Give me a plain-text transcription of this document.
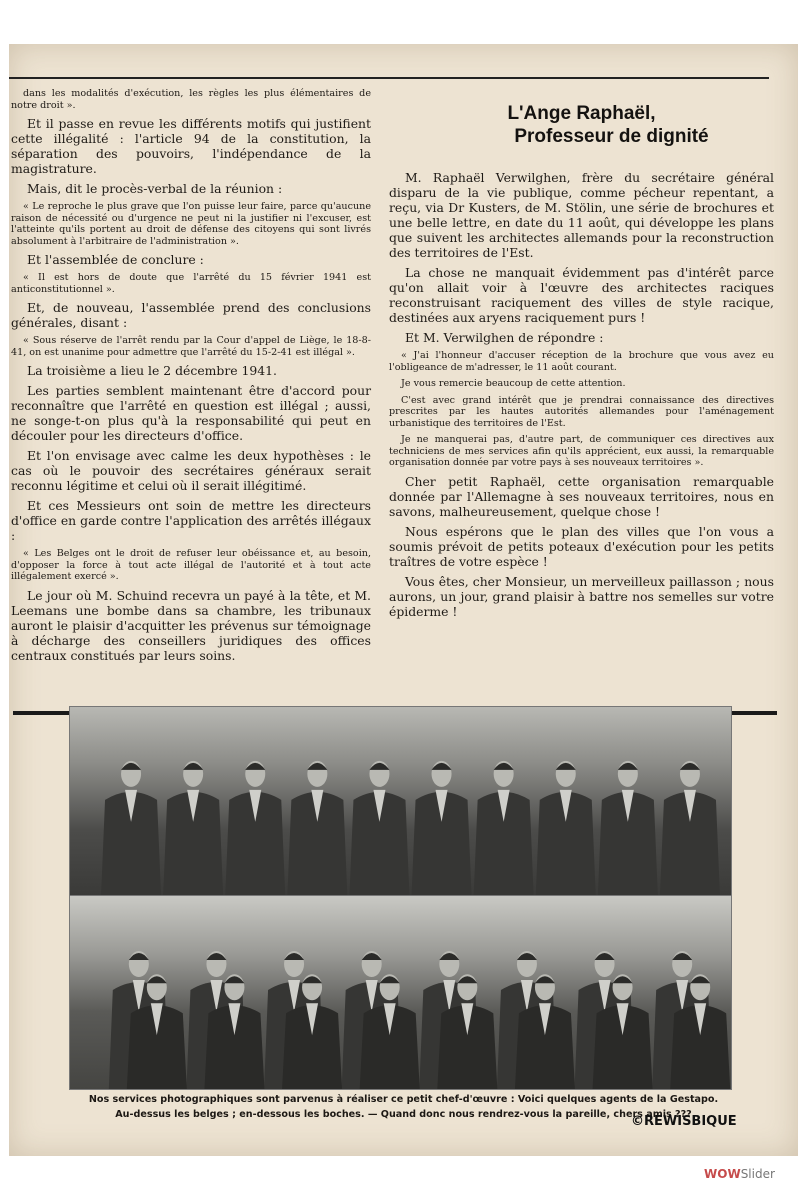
dans les modalités d'exécution, les règles les plus élémentaires de notre droit ».

Et il passe en revue les différents motifs qui justifient cette illégalité : l'article 94 de la constitution, la séparation des pouvoirs, l'indépendance de la magistrature.

Mais, dit le procès-verbal de la réunion :

« Le reproche le plus grave que l'on puisse leur faire, parce qu'aucune raison de nécessité ou d'urgence ne peut ni la justifier ni l'excuser, est l'atteinte qu'ils portent au droit de défense des citoyens qui sont livrés absolument à l'arbitraire de l'administration ».

Et l'assemblée de conclure :

« Il est hors de doute que l'arrêté du 15 février 1941 est anticonstitutionnel ».

Et, de nouveau, l'assemblée prend des conclusions générales, disant :

« Sous réserve de l'arrêt rendu par la Cour d'appel de Liège, le 18-8-41, on est unanime pour admettre que l'arrêté du 15-2-41 est illégal ».

La troisième a lieu le 2 décembre 1941.

Les parties semblent maintenant être d'accord pour reconnaître que l'arrêté en question est illégal ; aussi, ne songe-t-on plus qu'à la responsabilité qui peut en découler pour les directeurs d'office.

Et l'on envisage avec calme les deux hypothèses : le cas où le pouvoir des secrétaires généraux serait reconnu légitime et celui où il serait illégitimé.

Et ces Messieurs ont soin de mettre les directeurs d'office en garde contre l'application des arrêtés illégaux :

« Les Belges ont le droit de refuser leur obéissance et, au besoin, d'opposer la force à tout acte illégal de l'autorité et à tout acte illégalement exercé ».

Le jour où M. Schuind recevra un payé à la tête, et M. Leemans une bombe dans sa chambre, les tribunaux auront le plaisir d'acquitter les prévenus sur témoignage à décharge des conseillers juridiques des offices centraux constitués par leurs soins.

L'Ange Raphaël,
Professeur de dignité

M. Raphaël Verwilghen, frère du secrétaire général disparu de la vie publique, comme pécheur repentant, a reçu, via Dr Kusters, de M. Stölin, une série de brochures et une belle lettre, en date du 11 août, qui développe les plans que suivent les architectes allemands pour la reconstruction des territoires de l'Est.

La chose ne manquait évidemment pas d'intérêt parce qu'on allait voir à l'œuvre des architectes raciques reconstruisant raciquement des villes de style racique, destinées aux aryens raciquement purs !

Et M. Verwilghen de répondre :

« J'ai l'honneur d'accuser réception de la brochure que vous avez eu l'obligeance de m'adresser, le 11 août courant.

Je vous remercie beaucoup de cette attention.

C'est avec grand intérêt que je prendrai connaissance des directives prescrites par les hautes autorités allemandes pour l'aménagement urbanistique des territoires de l'Est.

Je ne manquerai pas, d'autre part, de communiquer ces directives aux techniciens de mes services afin qu'ils apprécient, eux aussi, la remarquable organisation donnée par votre pays à ses nouveaux territoires ».

Cher petit Raphaël, cette organisation remarquable donnée par l'Allemagne à ses nouveaux territoires, nous en savons, malheureusement, quelque chose !

Nous espérons que le plan des villes que l'on vous a soumis prévoit de petits poteaux d'exécution pour les petits traîtres de votre espèce !

Vous êtes, cher Monsieur, un merveilleux paillasson ; nous aurons, un jour, grand plaisir à battre nos semelles sur votre épiderme !

Nos services photographiques sont parvenus à réaliser ce petit chef-d'œuvre : Voici quelques agents de la Gestapo.
Au-dessus les belges ; en-dessous les boches. — Quand donc nous rendrez-vous la pareille, chers amis ???
©REWISBIQUE
WOWSlider
